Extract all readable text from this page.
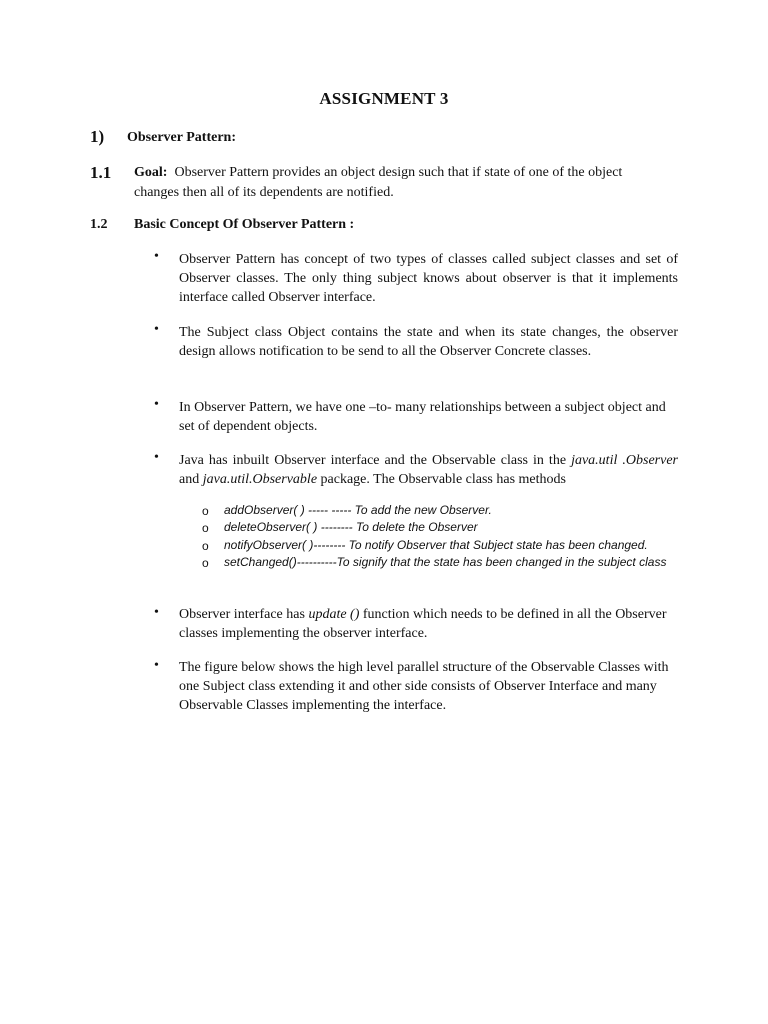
ASSIGNMENT 3
1) Observer Pattern:
1.1 Goal: Observer Pattern provides an object design such that if state of one of the object
changes then all of its dependents are notified.
1.2 Basic Concept Of Observer Pattern :
• Observer Pattern has concept of two types of classes called subject classes and set of Observer classes. The only thing subject knows about observer is that it implements interface called Observer interface.
• The Subject class Object contains the state and when its state changes, the observer design allows notification to be send to all the Observer Concrete classes.
• In Observer Pattern, we have one –to- many relationships between a subject object and set of dependent objects.
• Java has inbuilt Observer interface and the Observable class in the java.util .Observer and java.util.Observable package. The Observable class has methods
o addObserver( ) ----- ----- To add the new Observer.
o deleteObserver( ) -------- To delete the Observer
o notifyObserver( )-------- To notify Observer that Subject state has been changed.
o setChanged()----------To signify that the state has been changed in the subject class
• Observer interface has update () function which needs to be defined in all the Observer classes implementing the observer interface.
• The figure below shows the high level parallel structure of the Observable Classes with one Subject class extending it and other side consists of Observer Interface and many Observable Classes implementing the interface.
